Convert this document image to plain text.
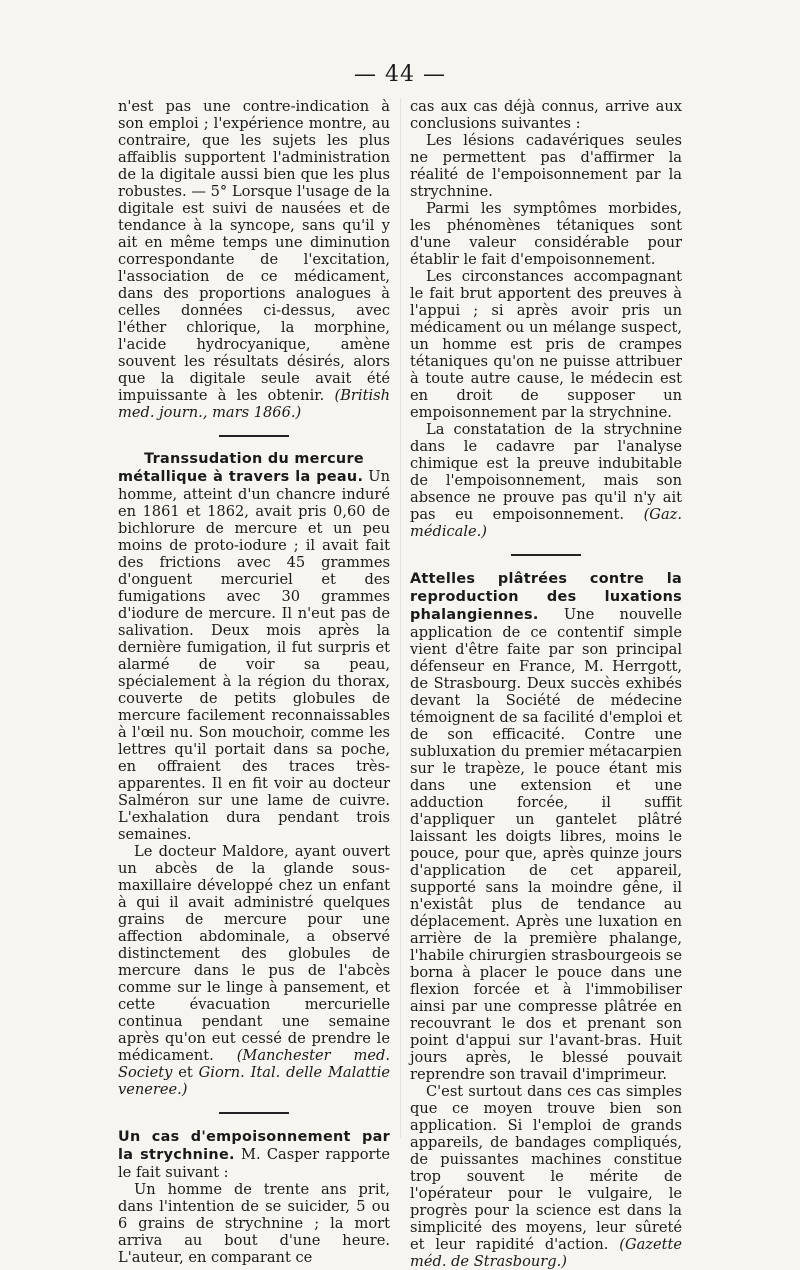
— 44 —

n'est pas une contre-indication à son emploi ; l'expérience montre, au contraire, que les sujets les plus affaiblis supportent l'administration de la digitale aussi bien que les plus robustes. — 5° Lorsque l'usage de la digitale est suivi de nausées et de tendance à la syncope, sans qu'il y ait en même temps une diminution correspondante de l'excitation, l'association de ce médicament, dans des proportions analogues à celles données ci-dessus, avec l'éther chlorique, la morphine, l'acide hydrocyanique, amène souvent les résultats désirés, alors que la digitale seule avait été impuissante à les obtenir. (British med. journ., mars 1866.)

Transsudation du mercure

métallique à travers la peau. Un homme, atteint d'un chancre induré en 1861 et 1862, avait pris 0,60 de bichlorure de mercure et un peu moins de proto-iodure ; il avait fait des frictions avec 45 grammes d'onguent mercuriel et des fumigations avec 30 grammes d'iodure de mercure. Il n'eut pas de salivation. Deux mois après la dernière fumigation, il fut surpris et alarmé de voir sa peau, spécialement à la région du thorax, couverte de petits globules de mercure facilement reconnaissables à l'œil nu. Son mouchoir, comme les lettres qu'il portait dans sa poche, en offraient des traces très-apparentes. Il en fit voir au docteur Salméron sur une lame de cuivre. L'exhalation dura pendant trois semaines.

Le docteur Maldore, ayant ouvert un abcès de la glande sous-maxillaire développé chez un enfant à qui il avait administré quelques grains de mercure pour une affection abdominale, a observé distinctement des globules de mercure dans le pus de l'abcès comme sur le linge à pansement, et cette évacuation mercurielle continua pendant une semaine après qu'on eut cessé de prendre le médicament. (Manchester med. Society et Giorn. Ital. delle Malattie veneree.)

Un cas d'empoisonnement par la strychnine. M. Casper rapporte le fait suivant :

Un homme de trente ans prit, dans l'intention de se suicider, 5 ou 6 grains de strychnine ; la mort arriva au bout d'une heure. L'auteur, en comparant ce

cas aux cas déjà connus, arrive aux conclusions suivantes :

Les lésions cadavériques seules ne permettent pas d'affirmer la réalité de l'empoisonnement par la strychnine.

Parmi les symptômes morbides, les phénomènes tétaniques sont d'une valeur considérable pour établir le fait d'empoisonnement.

Les circonstances accompagnant le fait brut apportent des preuves à l'appui ; si après avoir pris un médicament ou un mélange suspect, un homme est pris de crampes tétaniques qu'on ne puisse attribuer à toute autre cause, le médecin est en droit de supposer un empoisonnement par la strychnine.

La constatation de la strychnine dans le cadavre par l'analyse chimique est la preuve indubitable de l'empoisonnement, mais son absence ne prouve pas qu'il n'y ait pas eu empoisonnement. (Gaz. médicale.)

Attelles plâtrées contre la reproduction des luxations phalangiennes. Une nouvelle application de ce contentif simple vient d'être faite par son principal défenseur en France, M. Herrgott, de Strasbourg. Deux succès exhibés devant la Société de médecine témoignent de sa facilité d'emploi et de son efficacité. Contre une subluxation du premier métacarpien sur le trapèze, le pouce étant mis dans une extension et une adduction forcée, il suffit d'appliquer un gantelet plâtré laissant les doigts libres, moins le pouce, pour que, après quinze jours d'application de cet appareil, supporté sans la moindre gêne, il n'existât plus de tendance au déplacement. Après une luxation en arrière de la première phalange, l'habile chirurgien strasbourgeois se borna à placer le pouce dans une flexion forcée et à l'immobiliser ainsi par une compresse plâtrée en recouvrant le dos et prenant son point d'appui sur l'avant-bras. Huit jours après, le blessé pouvait reprendre son travail d'imprimeur.

C'est surtout dans ces cas simples que ce moyen trouve bien son application. Si l'emploi de grands appareils, de bandages compliqués, de puissantes machines constitue trop souvent le mérite de l'opérateur pour le vulgaire, le progrès pour la science est dans la simplicité des moyens, leur sûreté et leur rapidité d'action. (Gazette méd. de Strasbourg.)
